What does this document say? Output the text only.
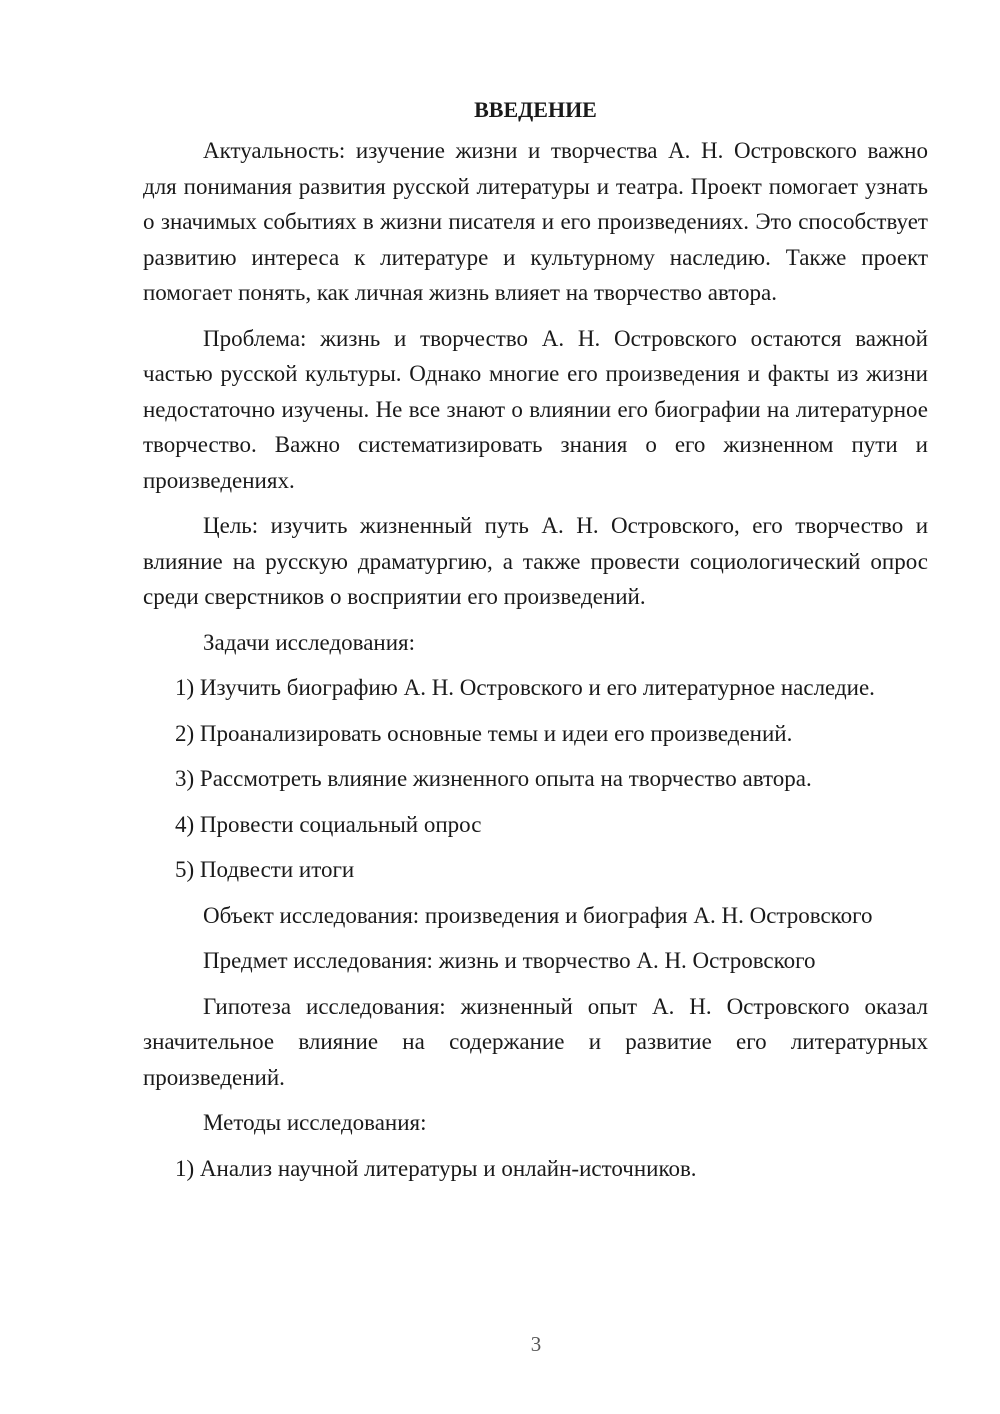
ВВЕДЕНИЕ

Актуальность: изучение жизни и творчества А. Н. Островского важно для понимания развития русской литературы и театра. Проект помогает узнать о значимых событиях в жизни писателя и его произведениях. Это способствует развитию интереса к литературе и культурному наследию. Также проект помогает понять, как личная жизнь влияет на творчество автора.

Проблема: жизнь и творчество А. Н. Островского остаются важной частью русской культуры. Однако многие его произведения и факты из жизни недостаточно изучены. Не все знают о влиянии его биографии на литературное творчество. Важно систематизировать знания о его жизненном пути и произведениях.

Цель: изучить жизненный путь А. Н. Островского, его творчество и влияние на русскую драматургию, а также провести социологический опрос среди сверстников о восприятии его произведений.

Задачи исследования:

1) Изучить биографию А. Н. Островского и его литературное наследие.

2) Проанализировать основные темы и идеи его произведений.

3) Рассмотреть влияние жизненного опыта на творчество автора.

4) Провести социальный опрос

5) Подвести итоги

Объект исследования: произведения и биография А. Н. Островского

Предмет исследования: жизнь и творчество А. Н. Островского

Гипотеза исследования: жизненный опыт А. Н. Островского оказал значительное влияние на содержание и развитие его литературных произведений.

Методы исследования:

1) Анализ научной литературы и онлайн-источников.

3
